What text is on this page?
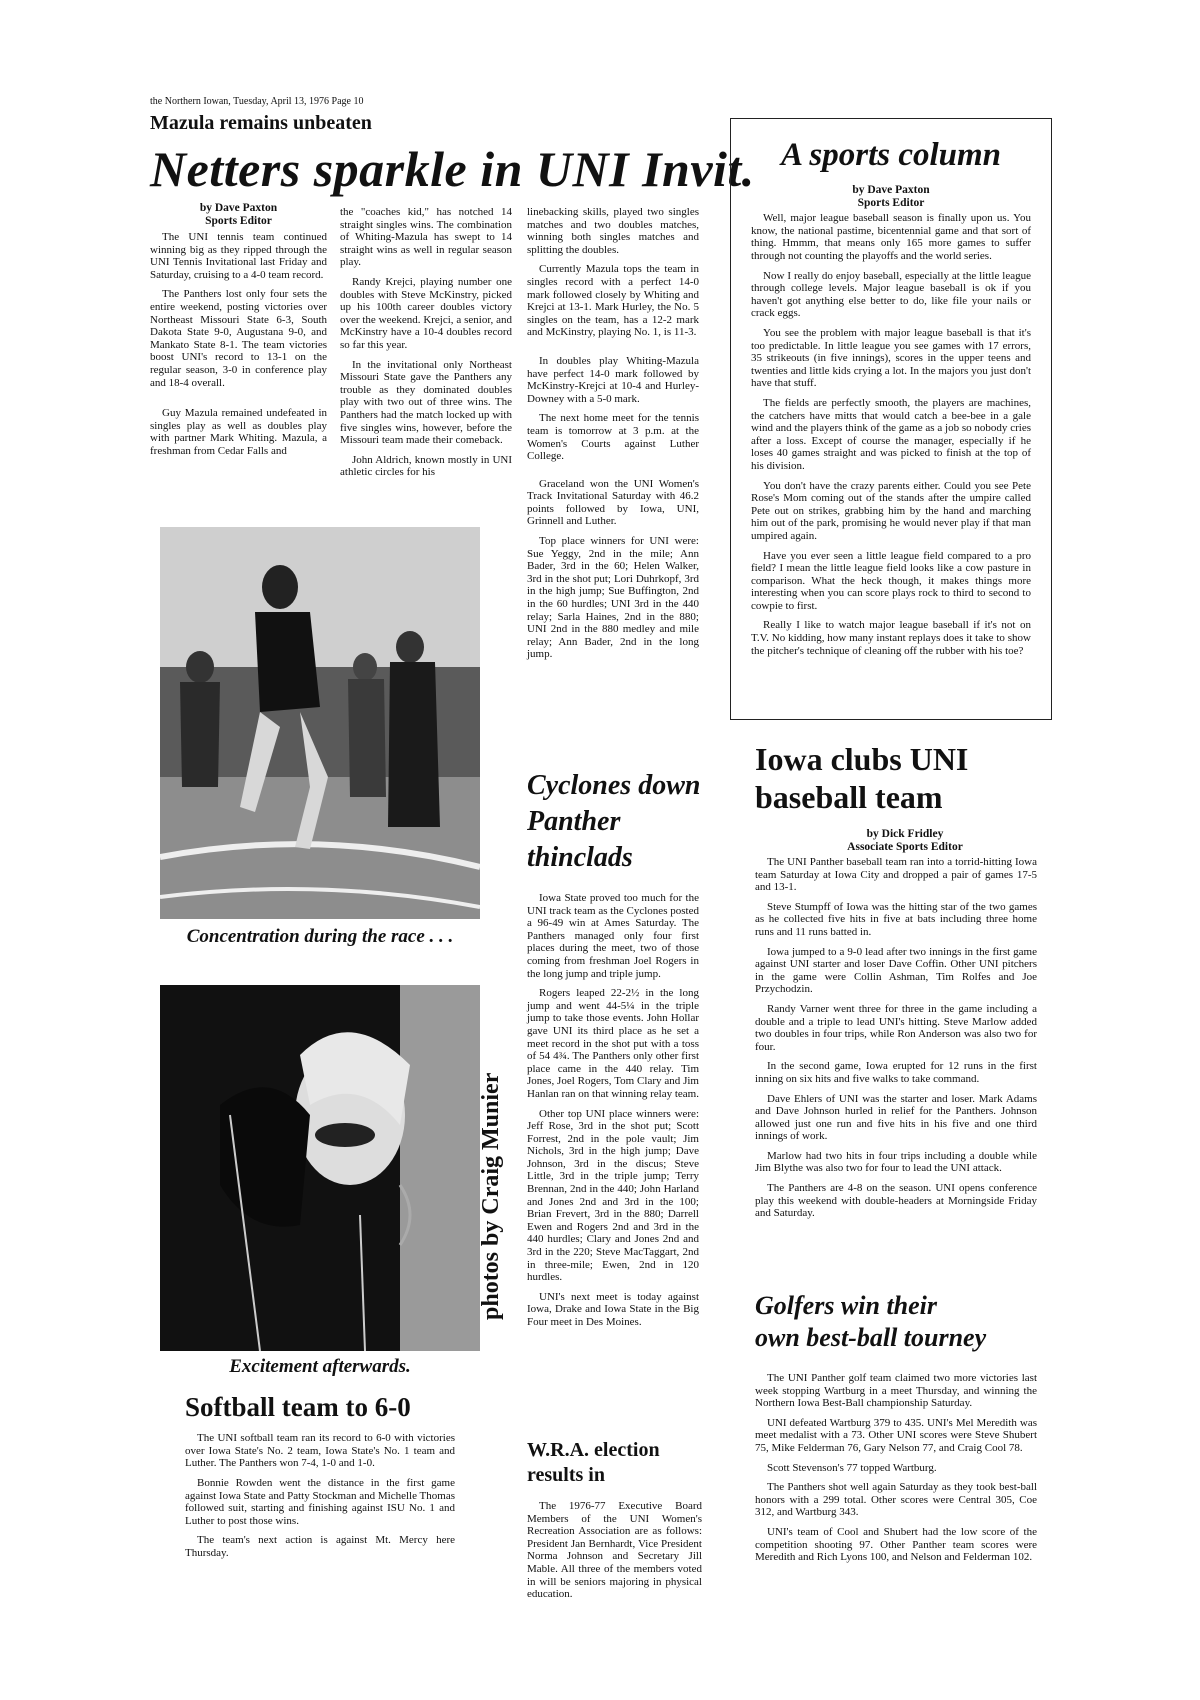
the Northern Iowan, Tuesday, April 13, 1976 Page 10
Mazula remains unbeaten
Netters sparkle in UNI Invit.
by Dave Paxton
Sports Editor

The UNI tennis team continued winning big as they ripped through the UNI Tennis Invitational last Friday and Saturday, cruising to a 4-0 team record.

The Panthers lost only four sets the entire weekend, posting victories over Northeast Missouri State 6-3, South Dakota State 9-0, Augustana 9-0, and Mankato State 8-1. The team victories boost UNI's record to 13-1 on the regular season, 3-0 in conference play and 18-4 overall.

Guy Mazula remained undefeated in singles play as well as doubles play with partner Mark Whiting. Mazula, a freshman from Cedar Falls and

the "coaches kid," has notched 14 straight singles wins. The combination of Whiting-Mazula has swept to 14 straight wins as well in regular season play.

Randy Krejci, playing number one doubles with Steve McKinstry, picked up his 100th career doubles victory over the weekend. Krejci, a senior, and McKinstry have a 10-4 doubles record so far this year.

In the invitational only Northeast Missouri State gave the Panthers any trouble as they dominated doubles play with two out of three wins. The Panthers had the match locked up with five singles wins, however, before the Missouri team made their comeback.

John Aldrich, known mostly in UNI athletic circles for his

linebacking skills, played two singles matches and two doubles matches, winning both singles matches and splitting the doubles.

Currently Mazula tops the team in singles record with a perfect 14-0 mark followed closely by Whiting and Krejci at 13-1. Mark Hurley, the No. 5 singles on the team, has a 12-2 mark and McKinstry, playing No. 1, is 11-3.

In doubles play Whiting-Mazula have perfect 14-0 mark followed by McKinstry-Krejci at 10-4 and Hurley-Downey with a 5-0 mark.

The next home meet for the tennis team is tomorrow at 3 p.m. at the Women's Courts against Luther College.

Graceland won the UNI Women's Track Invitational Saturday with 46.2 points followed by Iowa, UNI, Grinnell and Luther.

Top place winners for UNI were: Sue Yeggy, 2nd in the mile; Ann Bader, 3rd in the 60; Helen Walker, 3rd in the shot put; Lori Duhrkopf, 3rd in the high jump; Sue Buffington, 2nd in the 60 hurdles; UNI 3rd in the 440 relay; Sarla Haines, 2nd in the 880; UNI 2nd in the 880 medley and mile relay; Ann Bader, 2nd in the long jump.

A sports column
by Dave Paxton
Sports Editor

Well, major league baseball season is finally upon us. You know, the national pastime, bicentennial game and that sort of thing. Hmmm, that means only 165 more games to suffer through not counting the playoffs and the world series.

Now I really do enjoy baseball, especially at the little league through college levels. Major league baseball is ok if you haven't got anything else better to do, like file your nails or crack eggs.

You see the problem with major league baseball is that it's too predictable. In little league you see games with 17 errors, 35 strikeouts (in five innings), scores in the upper teens and twenties and little kids crying a lot. In the majors you just don't have that stuff.

The fields are perfectly smooth, the players are machines, the catchers have mitts that would catch a bee-bee in a gale wind and the players think of the game as a job so nobody cries after a loss. Except of course the manager, especially if he loses 40 games straight and was picked to finish at the top of his division.

You don't have the crazy parents either. Could you see Pete Rose's Mom coming out of the stands after the umpire called Pete out on strikes, grabbing him by the hand and marching him out of the park, promising he would never play if that man umpired again.

Have you ever seen a little league field compared to a pro field? I mean the little league field looks like a cow pasture in comparison. What the heck though, it makes things more interesting when you can score plays rock to third to second to cowpie to first.

Really I like to watch major league baseball if it's not on T.V. No kidding, how many instant replays does it take to show the pitcher's technique of cleaning off the rubber with his toe?

Concentration during the race . . .
Excitement afterwards.
photos by Craig Munier
Cyclones down
Panther
thinclads

Iowa State proved too much for the UNI track team as the Cyclones posted a 96-49 win at Ames Saturday. The Panthers managed only four first places during the meet, two of those coming from freshman Joel Rogers in the long jump and triple jump.

Rogers leaped 22-2½ in the long jump and went 44-5¼ in the triple jump to take those events. John Hollar gave UNI its third place as he set a meet record in the shot put with a toss of 54 4¾. The Panthers only other first place came in the 440 relay. Tim Jones, Joel Rogers, Tom Clary and Jim Hanlan ran on that winning relay team.

Other top UNI place winners were: Jeff Rose, 3rd in the shot put; Scott Forrest, 2nd in the pole vault; Jim Nichols, 3rd in the high jump; Dave Johnson, 3rd in the discus; Steve Little, 3rd in the triple jump; Terry Brennan, 2nd in the 440; John Harland and Jones 2nd and 3rd in the 100; Brian Frevert, 3rd in the 880; Darrell Ewen and Rogers 2nd and 3rd in the 440 hurdles; Clary and Jones 2nd and 3rd in the 220; Steve MacTaggart, 2nd in three-mile; Ewen, 2nd in 120 hurdles.

UNI's next meet is today against Iowa, Drake and Iowa State in the Big Four meet in Des Moines.

W.R.A. election
results in

The 1976-77 Executive Board Members of the UNI Women's Recreation Association are as follows: President Jan Bernhardt, Vice President Norma Johnson and Secretary Jill Mable. All three of the members voted in will be seniors majoring in physical education.

Softball team to 6-0

The UNI softball team ran its record to 6-0 with victories over Iowa State's No. 2 team, Iowa State's No. 1 team and Luther. The Panthers won 7-4, 1-0 and 1-0.

Bonnie Rowden went the distance in the first game against Iowa State and Patty Stockman and Michelle Thomas followed suit, starting and finishing against ISU No. 1 and Luther to post those wins.

The team's next action is against Mt. Mercy here Thursday.

Iowa clubs UNI
baseball team
by Dick Fridley
Associate Sports Editor

The UNI Panther baseball team ran into a torrid-hitting Iowa team Saturday at Iowa City and dropped a pair of games 17-5 and 13-1.

Steve Stumpff of Iowa was the hitting star of the two games as he collected five hits in five at bats including three home runs and 11 runs batted in.

Iowa jumped to a 9-0 lead after two innings in the first game against UNI starter and loser Dave Coffin. Other UNI pitchers in the game were Collin Ashman, Tim Rolfes and Joe Przychodzin.

Randy Varner went three for three in the game including a double and a triple to lead UNI's hitting. Steve Marlow added two doubles in four trips, while Ron Anderson was also two for four.

In the second game, Iowa erupted for 12 runs in the first inning on six hits and five walks to take command.

Dave Ehlers of UNI was the starter and loser. Mark Adams and Dave Johnson hurled in relief for the Panthers. Johnson allowed just one run and five hits in his five and one third innings of work.

Marlow had two hits in four trips including a double while Jim Blythe was also two for four to lead the UNI attack.

The Panthers are 4-8 on the season. UNI opens conference play this weekend with double-headers at Morningside Friday and Saturday.

Golfers win their
own best-ball tourney

The UNI Panther golf team claimed two more victories last week stopping Wartburg in a meet Thursday, and winning the Northern Iowa Best-Ball championship Saturday.

UNI defeated Wartburg 379 to 435. UNI's Mel Meredith was meet medalist with a 73. Other UNI scores were Steve Shubert 75, Mike Felderman 76, Gary Nelson 77, and Craig Cool 78.

Scott Stevenson's 77 topped Wartburg.

The Panthers shot well again Saturday as they took best-ball honors with a 299 total. Other scores were Central 305, Coe 312, and Wartburg 343.

UNI's team of Cool and Shubert had the low score of the competition shooting 97. Other Panther team scores were Meredith and Rich Lyons 100, and Nelson and Felderman 102.
